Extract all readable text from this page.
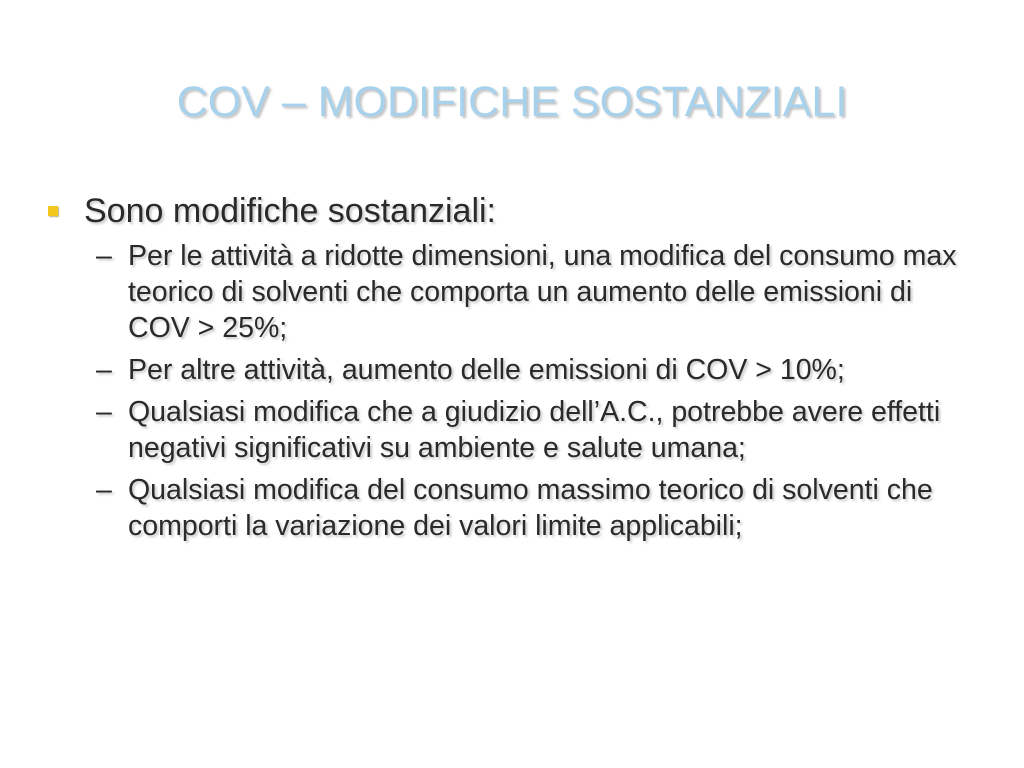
COV – MODIFICHE SOSTANZIALI
Sono modifiche sostanziali:
– Per le attività a ridotte dimensioni, una modifica del consumo max teorico di solventi che comporta un aumento delle emissioni di COV > 25%;
– Per altre attività, aumento delle emissioni di COV > 10%;
– Qualsiasi modifica che a giudizio dell’A.C., potrebbe avere effetti negativi significativi su ambiente e salute umana;
– Qualsiasi modifica del consumo massimo teorico di solventi che comporti la variazione dei valori limite applicabili;
